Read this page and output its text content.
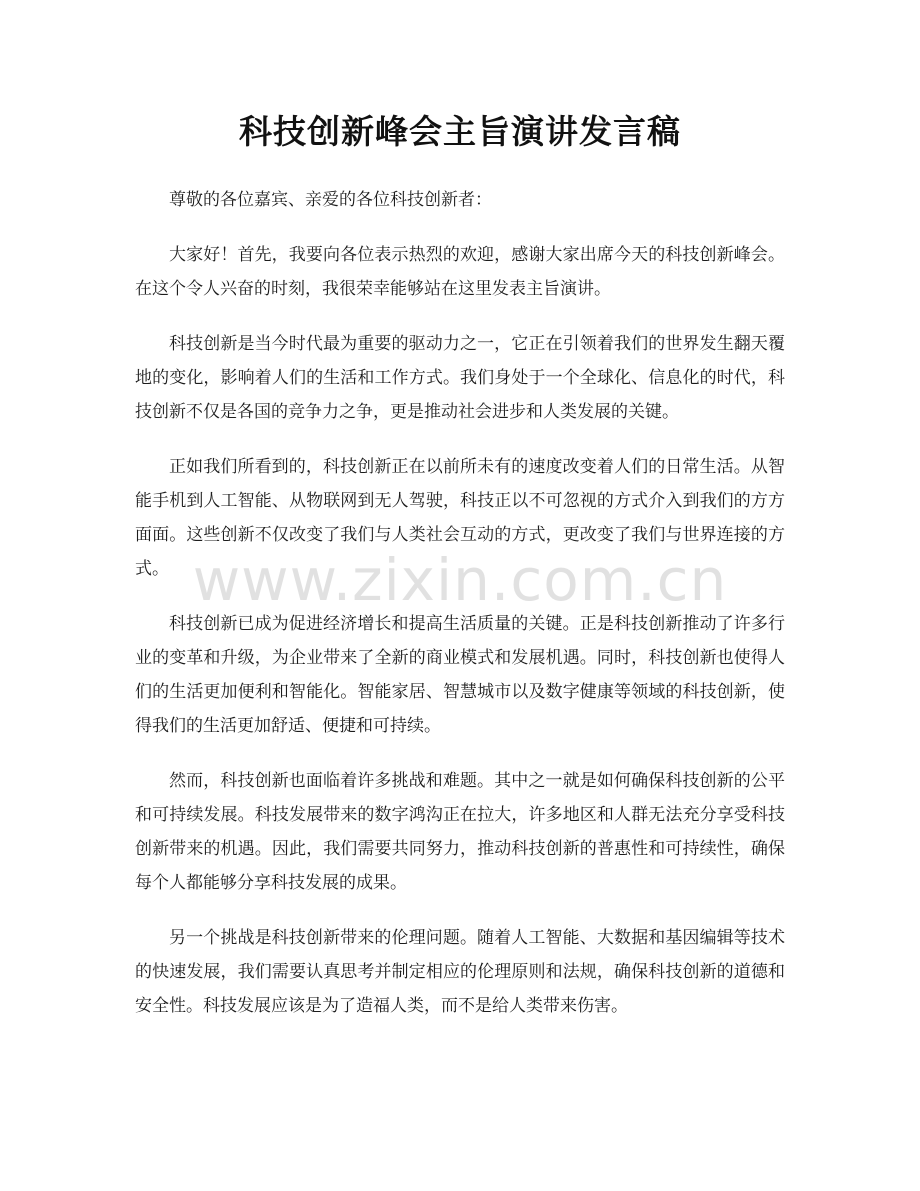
科技创新峰会主旨演讲发言稿

尊敬的各位嘉宾、亲爱的各位科技创新者：

大家好！首先，我要向各位表示热烈的欢迎，感谢大家出席今天的科技创新峰会。在这个令人兴奋的时刻，我很荣幸能够站在这里发表主旨演讲。

科技创新是当今时代最为重要的驱动力之一，它正在引领着我们的世界发生翻天覆地的变化，影响着人们的生活和工作方式。我们身处于一个全球化、信息化的时代，科技创新不仅是各国的竞争力之争，更是推动社会进步和人类发展的关键。

正如我们所看到的，科技创新正在以前所未有的速度改变着人们的日常生活。从智能手机到人工智能、从物联网到无人驾驶，科技正以不可忽视的方式介入到我们的方方面面。这些创新不仅改变了我们与人类社会互动的方式，更改变了我们与世界连接的方式。

科技创新已成为促进经济增长和提高生活质量的关键。正是科技创新推动了许多行业的变革和升级，为企业带来了全新的商业模式和发展机遇。同时，科技创新也使得人们的生活更加便利和智能化。智能家居、智慧城市以及数字健康等领域的科技创新，使得我们的生活更加舒适、便捷和可持续。

然而，科技创新也面临着许多挑战和难题。其中之一就是如何确保科技创新的公平和可持续发展。科技发展带来的数字鸿沟正在拉大，许多地区和人群无法充分享受科技创新带来的机遇。因此，我们需要共同努力，推动科技创新的普惠性和可持续性，确保每个人都能够分享科技发展的成果。

另一个挑战是科技创新带来的伦理问题。随着人工智能、大数据和基因编辑等技术的快速发展，我们需要认真思考并制定相应的伦理原则和法规，确保科技创新的道德和安全性。科技发展应该是为了造福人类，而不是给人类带来伤害。

www.zixin.com.cn
